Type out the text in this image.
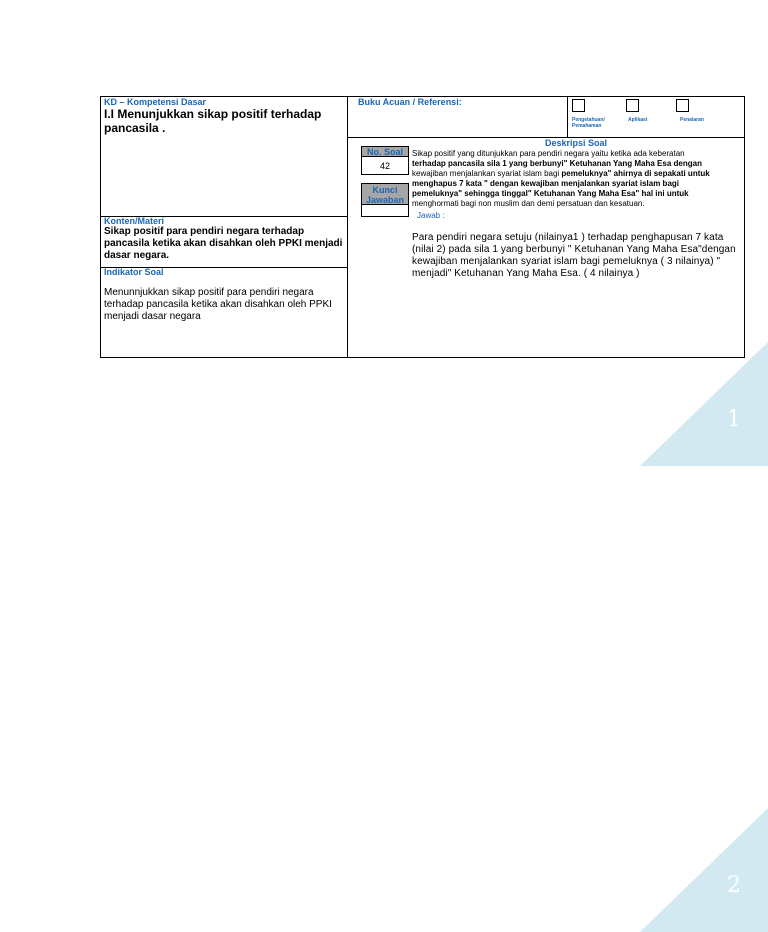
KD – Kompetensi Dasar
I.I Menunjukkan sikap positif terhadap pancasila .
Konten/Materi
Sikap positif para pendiri negara terhadap pancasila ketika akan disahkan oleh PPKI menjadi dasar negara.
Indikator Soal
Menunnjukkan sikap positif para pendiri negara terhadap pancasila ketika akan disahkan oleh PPKI menjadi dasar negara
Buku Acuan / Referensi:
Pengetahuan/ Pemahaman
Aplikasi	Penalaran
Deskripsi Soal
No. Soal
42
Kunci Jawaban
Sikap positif yang ditunjukkan para pendiri negara yaitu ketika ada keberatan
terhadap pancasila sila 1 yang berbunyi" Ketuhanan Yang Maha Esa dengan
kewajiban menjalankan syariat islam bagi pemeluknya" ahirnya di sepakati untuk
menghapus 7 kata " dengan kewajiban menjalankan syariat islam bagi
pemeluknya" sehingga tinggal" Ketuhanan Yang Maha Esa" hal ini untuk
menghormati bagi non muslim dan demi persatuan dan kesatuan.
Jawab :
Para pendiri negara setuju (nilainya1 ) terhadap penghapusan 7 kata (nilai 2) pada sila 1 yang berbunyi " Ketuhanan Yang Maha Esa"dengan kewajiban menjalankan syariat islam bagi pemeluknya ( 3 nilainya) " menjadi" Ketuhanan Yang Maha Esa. ( 4 nilainya )
1
2
